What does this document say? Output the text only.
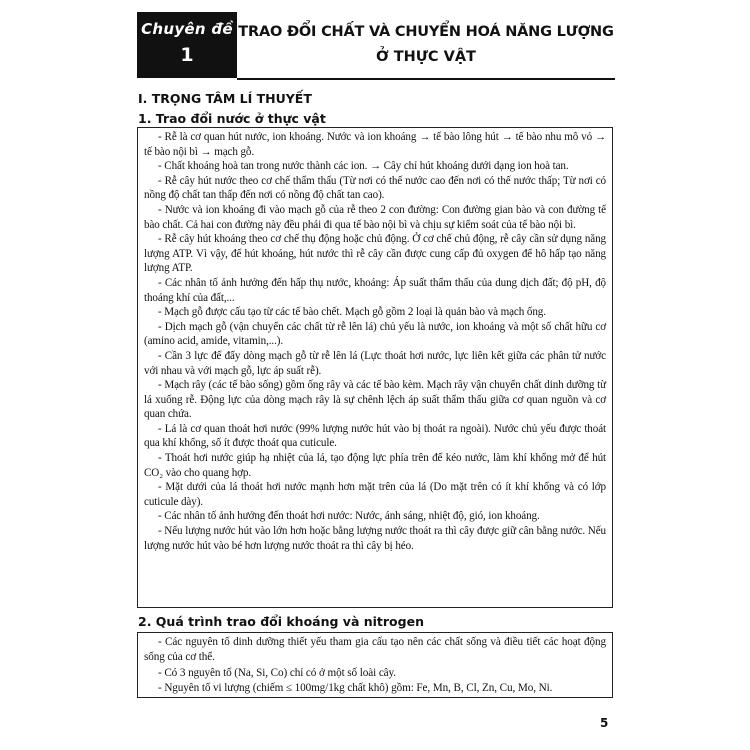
Chuyên đề
1
TRAO ĐỔI CHẤT VÀ CHUYỂN HOÁ NĂNG LƯỢNG
Ở THỰC VẬT
I. TRỌNG TÂM LÍ THUYẾT
1. Trao đổi nước ở thực vật

- Rễ là cơ quan hút nước, ion khoáng. Nước và ion khoáng → tế bào lông hút → tế bào nhu mô vỏ → tế bào nội bì → mạch gỗ.

- Chất khoáng hoà tan trong nước thành các ion. → Cây chỉ hút khoáng dưới dạng ion hoà tan.

- Rễ cây hút nước theo cơ chế thẩm thấu (Từ nơi có thế nước cao đến nơi có thế nước thấp; Từ nơi có nồng độ chất tan thấp đến nơi có nồng độ chất tan cao).

- Nước và ion khoáng đi vào mạch gỗ của rễ theo 2 con đường: Con đường gian bào và con đường tế bào chất. Cả hai con đường này đều phải đi qua tế bào nội bì và chịu sự kiểm soát của tế bào nội bì.

- Rễ cây hút khoáng theo cơ chế thụ động hoặc chủ động. Ở cơ chế chủ động, rễ cây cần sử dụng năng lượng ATP. Vì vậy, để hút khoáng, hút nước thì rễ cây cần được cung cấp đủ oxygen để hô hấp tạo năng lượng ATP.

- Các nhân tố ảnh hưởng đến hấp thụ nước, khoáng: Áp suất thẩm thấu của dung dịch đất; độ pH, độ thoáng khí của đất,...

- Mạch gỗ được cấu tạo từ các tế bào chết. Mạch gỗ gồm 2 loại là quản bào và mạch ống.

- Dịch mạch gỗ (vận chuyển các chất từ rễ lên lá) chủ yếu là nước, ion khoáng và một số chất hữu cơ (amino acid, amide, vitamin,...).

- Cần 3 lực để đẩy dòng mạch gỗ từ rễ lên lá (Lực thoát hơi nước, lực liên kết giữa các phân tử nước với nhau và với mạch gỗ, lực áp suất rễ).

- Mạch rây (các tế bào sống) gồm ống rây và các tế bào kèm. Mạch rây vận chuyển chất dinh dưỡng từ lá xuống rễ. Động lực của dòng mạch rây là sự chênh lệch áp suất thẩm thấu giữa cơ quan nguồn và cơ quan chứa.

- Lá là cơ quan thoát hơi nước (99% lượng nước hút vào bị thoát ra ngoài). Nước chủ yếu được thoát qua khí khổng, số ít được thoát qua cuticule.

- Thoát hơi nước giúp hạ nhiệt của lá, tạo động lực phía trên để kéo nước, làm khí khổng mở để hút CO₂ vào cho quang hợp.

- Mặt dưới của lá thoát hơi nước mạnh hơn mặt trên của lá (Do mặt trên có ít khí khổng và có lớp cuticule dày).

- Các nhân tố ảnh hưởng đến thoát hơi nước: Nước, ánh sáng, nhiệt độ, gió, ion khoáng.

- Nếu lượng nước hút vào lớn hơn hoặc bằng lượng nước thoát ra thì cây được giữ cân bằng nước. Nếu lượng nước hút vào bé hơn lượng nước thoát ra thì cây bị héo.

2. Quá trình trao đổi khoáng và nitrogen

- Các nguyên tố dinh dưỡng thiết yếu tham gia cấu tạo nên các chất sống và điều tiết các hoạt động sống của cơ thể.

- Có 3 nguyên tố (Na, Si, Co) chỉ có ở một số loài cây.

- Nguyên tố vi lượng (chiếm ≤ 100mg/1kg chất khô) gồm: Fe, Mn, B, Cl, Zn, Cu, Mo, Ni.

5
